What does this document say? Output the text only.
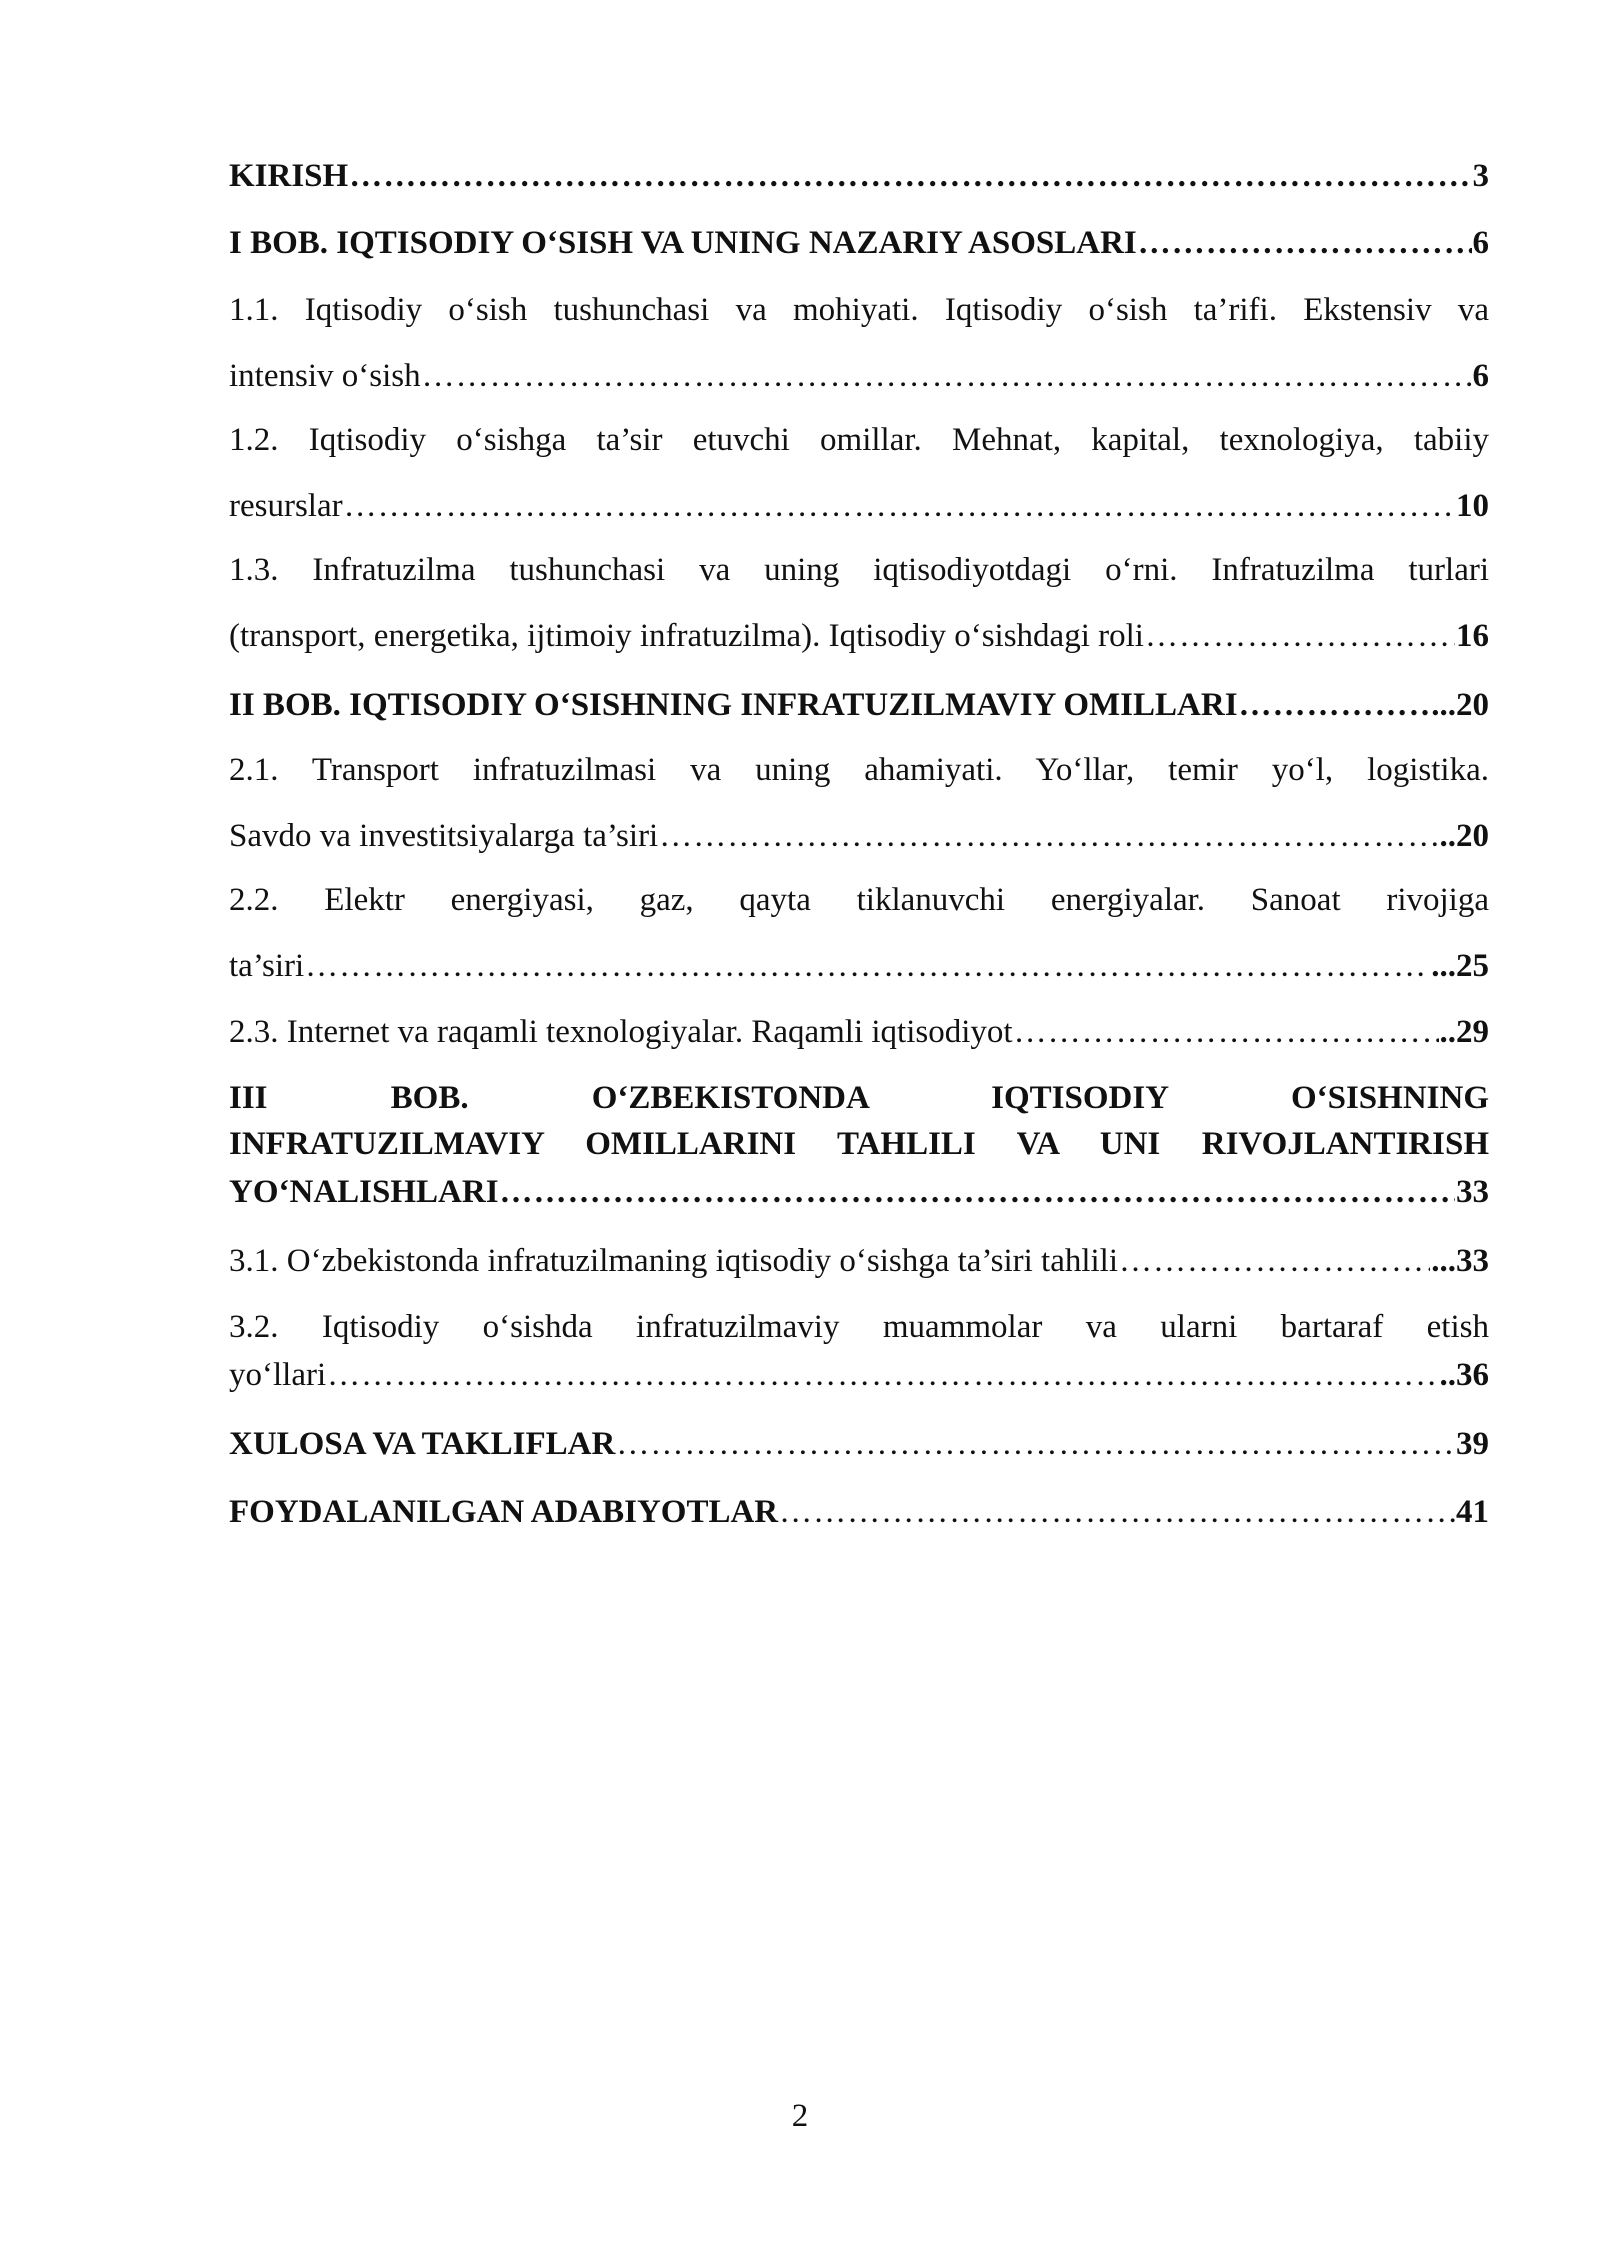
KIRISH ……………………………………………………………………………………………………………………………………………………	3
I BOB. IQTISODIY O‘SISH VA UNING NAZARIY ASOSLARI ……………………………………………………………………………………………………………………………………………………	6
1.1. Iqtisodiy o‘sish tushunchasi va mohiyati. Iqtisodiy o‘sish ta’rifi. Ekstensiv va
intensiv o‘sish ……………………………………………………………………………………………………………………………………………………	6
1.2. Iqtisodiy o‘sishga ta’sir etuvchi omillar. Mehnat, kapital, texnologiya, tabiiy
resurslar ……………………………………………………………………………………………………………………………………………………	10
1.3. Infratuzilma tushunchasi va uning iqtisodiyotdagi o‘rni. Infratuzilma turlari
(transport, energetika, ijtimoiy infratuzilma). Iqtisodiy o‘sishdagi roli ……………………………………………………………………………………………………………………………………………………	16
II BOB. IQTISODIY O‘SISHNING INFRATUZILMAVIY OMILLARI ……………………………………………………………………………………………………………………………………………………	...20
2.1. Transport infratuzilmasi va uning ahamiyati. Yo‘llar, temir yo‘l, logistika.
Savdo va investitsiyalarga ta’siri ……………………………………………………………………………………………………………………………………………………	..20
2.2. Elektr energiyasi, gaz, qayta tiklanuvchi energiyalar. Sanoat rivojiga
ta’siri ……………………………………………………………………………………………………………………………………………………	...25
2.3. Internet va raqamli texnologiyalar. Raqamli iqtisodiyot ……………………………………………………………………………………………………………………………………………………	..29
III BOB. O‘ZBEKISTONDA IQTISODIY O‘SISHNING
INFRATUZILMAVIY OMILLARINI TAHLILI VA UNI RIVOJLANTIRISH
YO‘NALISHLARI ……………………………………………………………………………………………………………………………………………………	33
3.1. O‘zbekistonda infratuzilmaning iqtisodiy o‘sishga ta’siri tahlili ……………………………………………………………………………………………………………………………………………………	...33
3.2. Iqtisodiy o‘sishda infratuzilmaviy muammolar va ularni bartaraf etish
yo‘llari ……………………………………………………………………………………………………………………………………………………	..36
XULOSA VA TAKLIFLAR ……………………………………………………………………………………………………………………………………………………	39
FOYDALANILGAN ADABIYOTLAR ……………………………………………………………………………………………………………………………………………………	41
2
